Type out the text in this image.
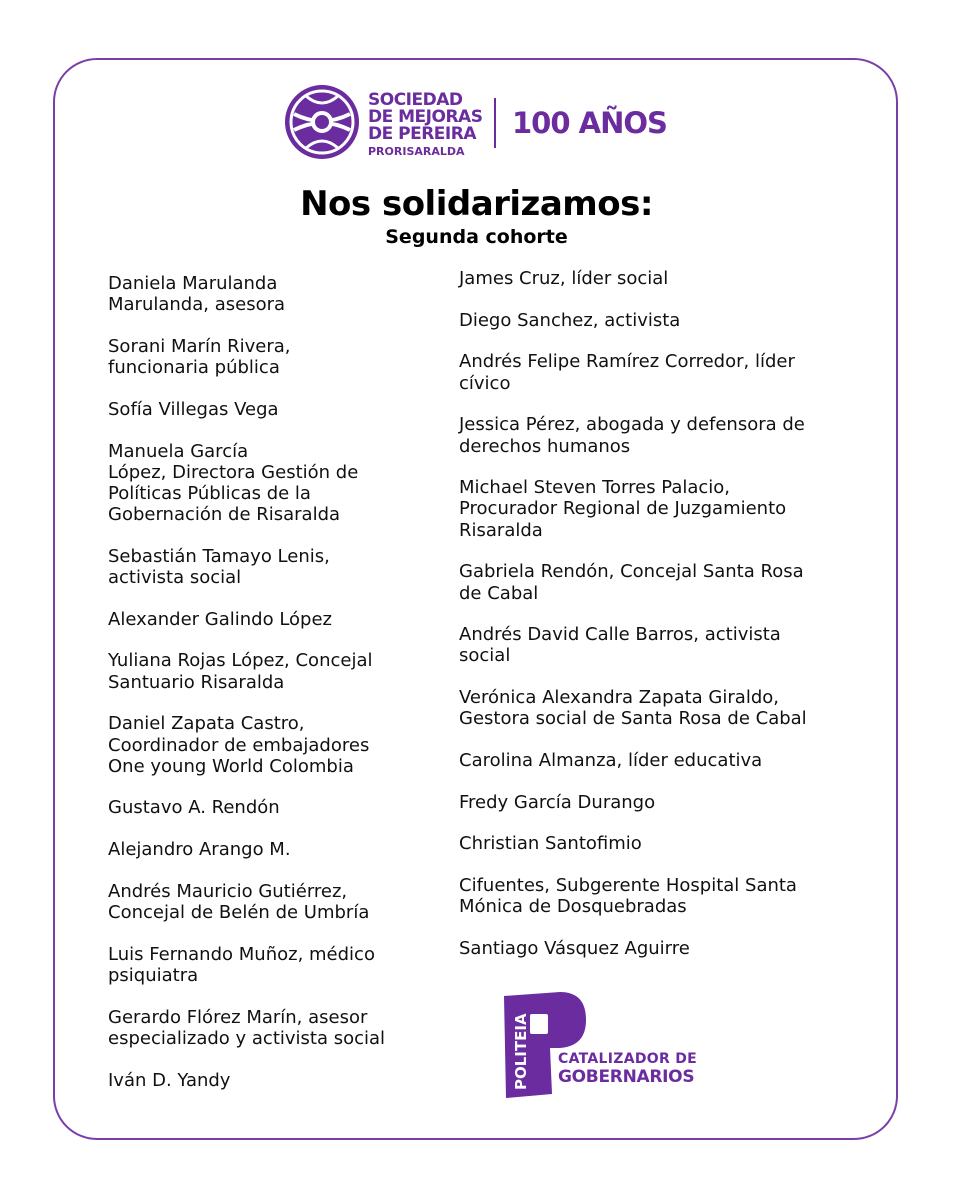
SOCIEDAD
DE MEJORAS
DE PEREIRA
PRORISARALDA
100 AÑOS
Nos solidarizamos:
Segunda cohorte
Daniela Marulanda
Marulanda, asesora
Sorani Marín Rivera,
funcionaria pública
Sofía Villegas Vega
Manuela García
López, Directora Gestión de
Políticas Públicas de la
Gobernación de Risaralda
Sebastián Tamayo Lenis,
activista social
Alexander Galindo López
Yuliana Rojas López, Concejal
Santuario Risaralda
Daniel Zapata Castro,
Coordinador de embajadores
One young World Colombia
Gustavo A. Rendón
Alejandro Arango M.
Andrés Mauricio Gutiérrez,
Concejal de Belén de Umbría
Luis Fernando Muñoz, médico
psiquiatra
Gerardo Flórez Marín, asesor
especializado y activista social
Iván D. Yandy
James Cruz, líder social
Diego Sanchez, activista
Andrés Felipe Ramírez Corredor, líder
cívico
Jessica Pérez, abogada y defensora de
derechos humanos
Michael Steven Torres Palacio,
Procurador Regional de Juzgamiento
Risaralda
Gabriela Rendón, Concejal Santa Rosa
de Cabal
Andrés David Calle Barros, activista
social
Verónica Alexandra Zapata Giraldo,
Gestora social de Santa Rosa de Cabal
Carolina Almanza, líder educativa
Fredy García Durango
Christian Santofimio
Cifuentes, Subgerente Hospital Santa
Mónica de Dosquebradas
Santiago Vásquez Aguirre
POLITEIA CATALIZADOR DE
GOBERNARIOS
